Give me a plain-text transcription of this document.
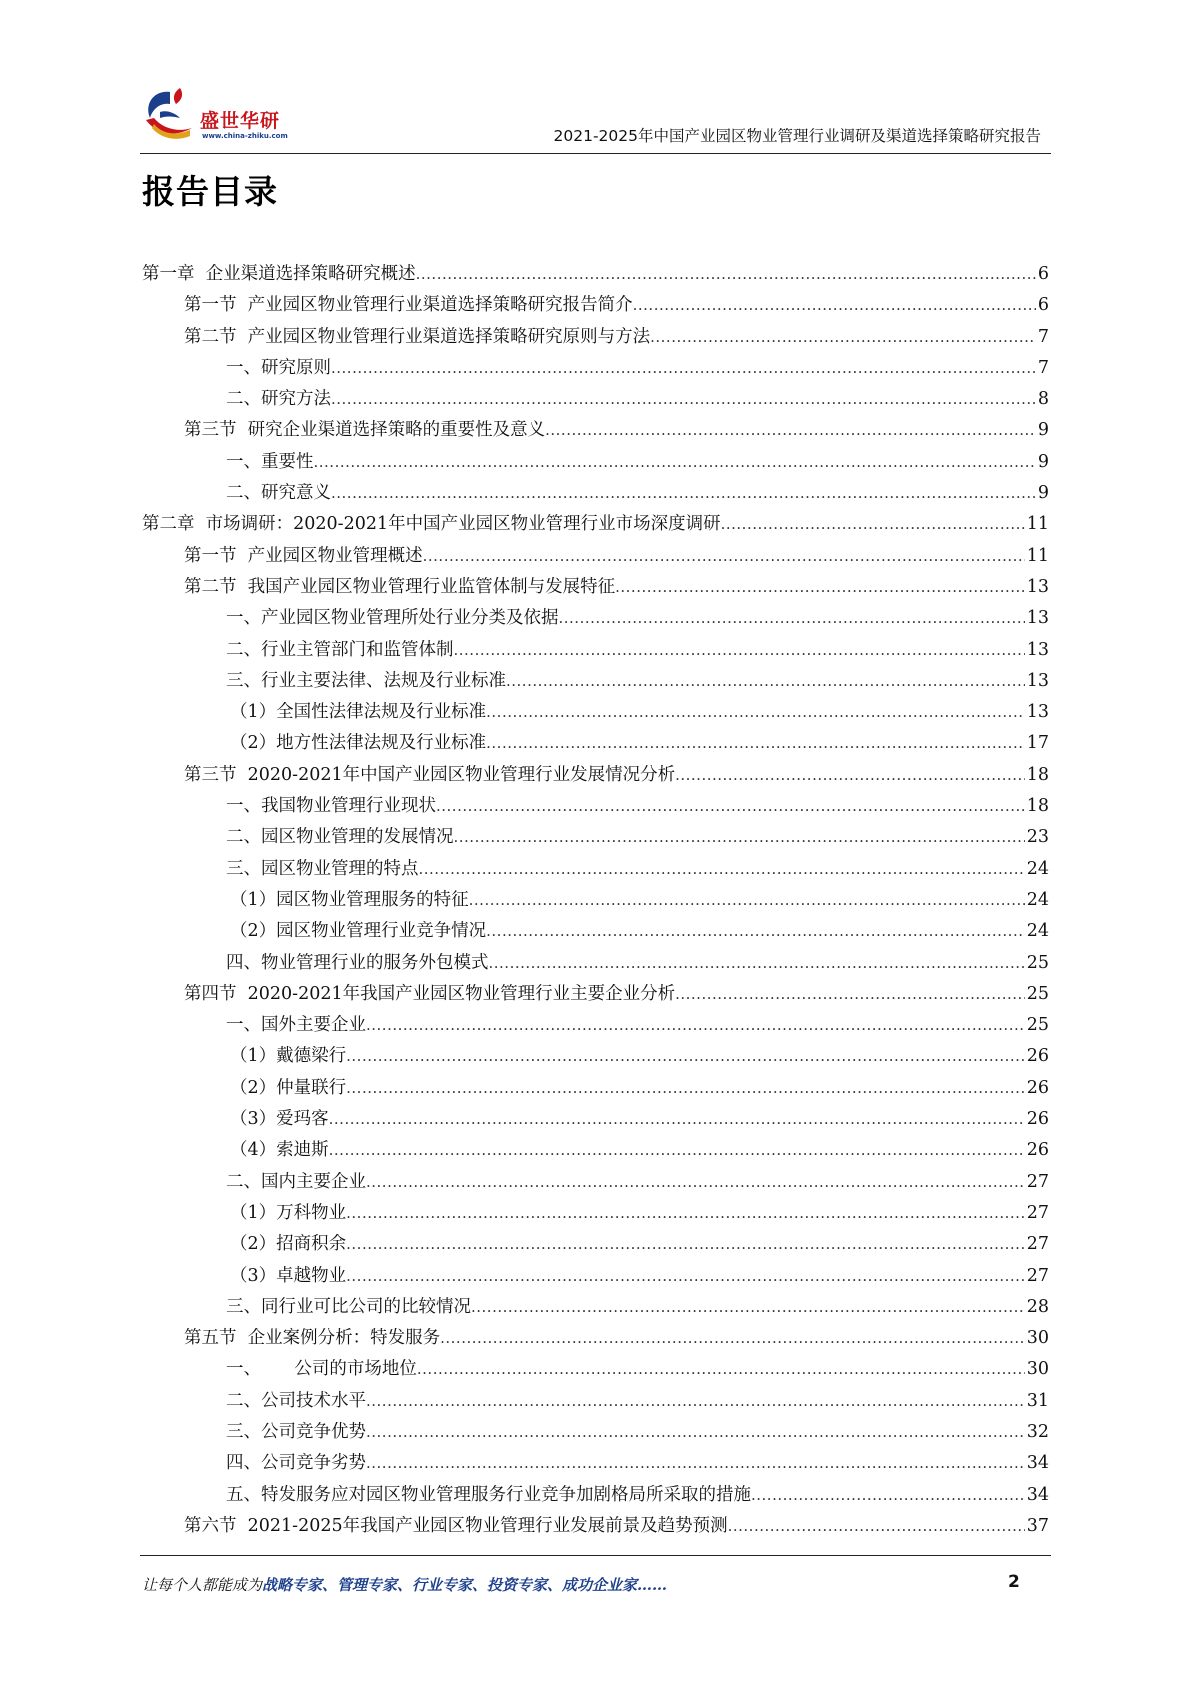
盛世华研
www.china-zhiku.com	2021-2025年中国产业园区物业管理行业调研及渠道选择策略研究报告
报告目录
第一章  企业渠道选择策略研究概述 .....	6
第一节  产业园区物业管理行业渠道选择策略研究报告简介 .....	6
第二节  产业园区物业管理行业渠道选择策略研究原则与方法 .....	7
一、研究原则 .....	7
二、研究方法 .....	8
第三节  研究企业渠道选择策略的重要性及意义 .....	9
一、重要性 .....	9
二、研究意义 .....	9
第二章  市场调研：2020-2021年中国产业园区物业管理行业市场深度调研 .....	11
第一节  产业园区物业管理概述 .....	11
第二节  我国产业园区物业管理行业监管体制与发展特征 .....	13
一、产业园区物业管理所处行业分类及依据 .....	13
二、行业主管部门和监管体制 .....	13
三、行业主要法律、法规及行业标准 .....	13
（1）全国性法律法规及行业标准 .....	13
（2）地方性法律法规及行业标准 .....	17
第三节  2020-2021年中国产业园区物业管理行业发展情况分析 .....	18
一、我国物业管理行业现状 .....	18
二、园区物业管理的发展情况 .....	23
三、园区物业管理的特点 .....	24
（1）园区物业管理服务的特征 .....	24
（2）园区物业管理行业竞争情况 .....	24
四、物业管理行业的服务外包模式 .....	25
第四节  2020-2021年我国产业园区物业管理行业主要企业分析 .....	25
一、国外主要企业 .....	25
（1）戴德梁行 .....	26
（2）仲量联行 .....	26
（3）爱玛客 .....	26
（4）索迪斯 .....	26
二、国内主要企业 .....	27
（1）万科物业 .....	27
（2）招商积余 .....	27
（3）卓越物业 .....	27
三、同行业可比公司的比较情况 .....	28
第五节  企业案例分析：特发服务 .....	30
一、      公司的市场地位 .....	30
二、公司技术水平 .....	31
三、公司竞争优势 .....	32
四、公司竞争劣势 .....	34
五、特发服务应对园区物业管理服务行业竞争加剧格局所采取的措施 .....	34
第六节  2021-2025年我国产业园区物业管理行业发展前景及趋势预测 .....	37
让每个人都能成为战略专家、管理专家、行业专家、投资专家、成功企业家……	2
